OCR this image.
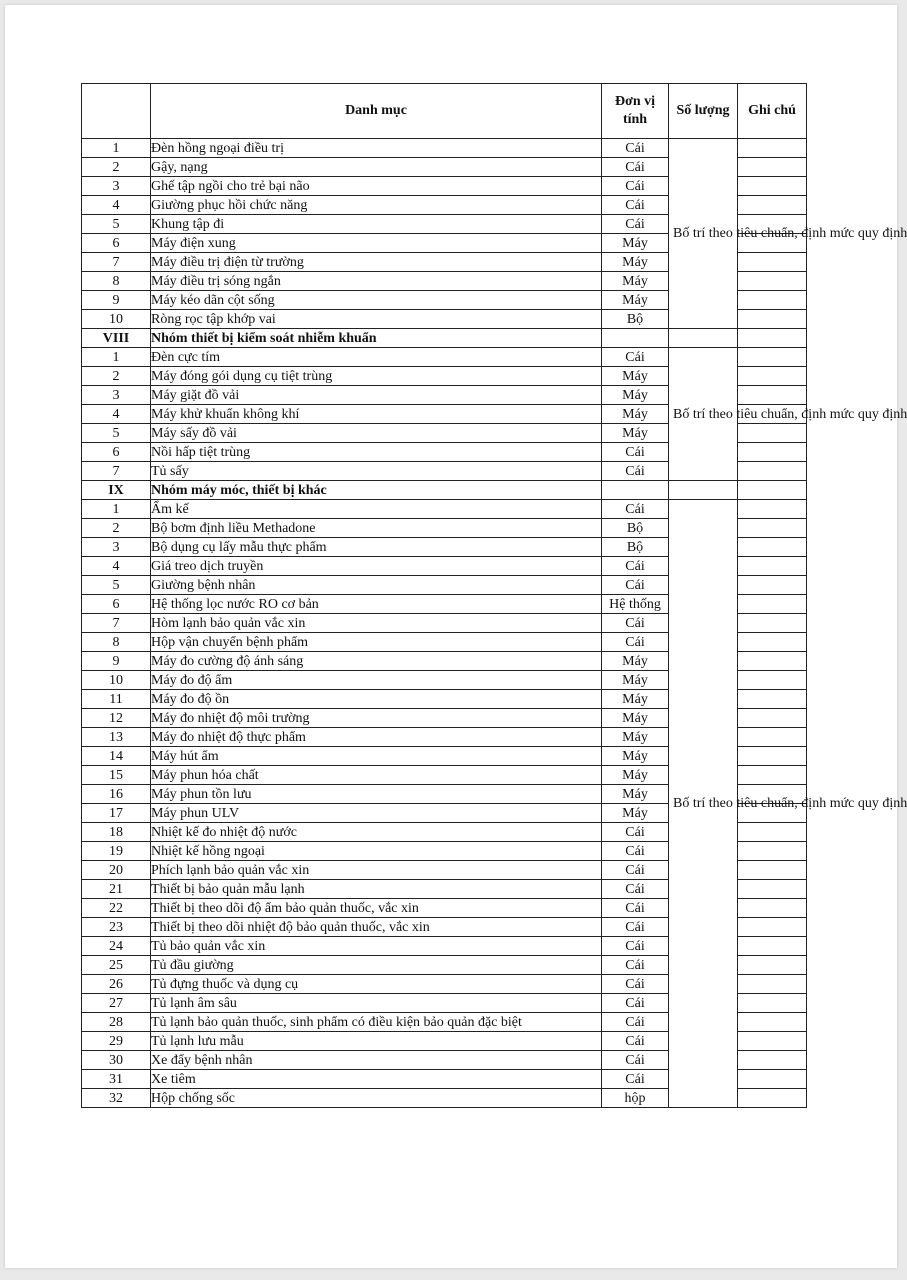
	Danh mục	Đơn vị tính	Số lượng	Ghi chú
1	Đèn hồng ngoại điều trị	Cái	Bố trí theo tiêu chuẩn, định mức quy định	
2	Gậy, nạng	Cái		
3	Ghế tập ngồi cho trẻ bại não	Cái		
4	Giường phục hồi chức năng	Cái		
5	Khung tập đi	Cái		
6	Máy điện xung	Máy		
7	Máy điều trị điện từ trường	Máy		
8	Máy điều trị sóng ngắn	Máy		
9	Máy kéo dãn cột sống	Máy		
10	Ròng rọc tập khớp vai	Bộ		
VIII	Nhóm thiết bị kiểm soát nhiễm khuẩn			
1	Đèn cực tím	Cái	Bố trí theo tiêu chuẩn, định mức quy định	
2	Máy đóng gói dụng cụ tiệt trùng	Máy		
3	Máy giặt đồ vải	Máy		
4	Máy khử khuẩn không khí	Máy		
5	Máy sấy đồ vải	Máy		
6	Nồi hấp tiệt trùng	Cái		
7	Tủ sấy	Cái		
IX	Nhóm máy móc, thiết bị khác			
1	Ẩm kế	Cái	Bố trí theo tiêu chuẩn, định mức quy định	
2	Bộ bơm định liều Methadone	Bộ		
3	Bộ dụng cụ lấy mẫu thực phẩm	Bộ		
4	Giá treo dịch truyền	Cái		
5	Giường bệnh nhân	Cái		
6	Hệ thống lọc nước RO cơ bản	Hệ thống		
7	Hòm lạnh bảo quản vắc xin	Cái		
8	Hộp vận chuyển bệnh phẩm	Cái		
9	Máy đo cường độ ánh sáng	Máy		
10	Máy đo độ ẩm	Máy		
11	Máy đo độ ồn	Máy		
12	Máy đo nhiệt độ môi trường	Máy		
13	Máy đo nhiệt độ thực phẩm	Máy		
14	Máy hút ẩm	Máy		
15	Máy phun hóa chất	Máy		
16	Máy phun tồn lưu	Máy		
17	Máy phun ULV	Máy		
18	Nhiệt kế đo nhiệt độ nước	Cái		
19	Nhiệt kế hồng ngoại	Cái		
20	Phích lạnh bảo quản vắc xin	Cái		
21	Thiết bị bảo quản mẫu lạnh	Cái		
22	Thiết bị theo dõi độ ẩm bảo quản thuốc, vắc xin	Cái		
23	Thiết bị theo dõi nhiệt độ bảo quản thuốc, vắc xin	Cái		
24	Tủ bảo quản vắc xin	Cái		
25	Tủ đầu giường	Cái		
26	Tủ đựng thuốc và dụng cụ	Cái		
27	Tủ lạnh âm sâu	Cái		
28	Tủ lạnh bảo quản thuốc, sinh phẩm có điều kiện bảo quản đặc biệt	Cái		
29	Tủ lạnh lưu mẫu	Cái		
30	Xe đẩy bệnh nhân	Cái		
31	Xe tiêm	Cái		
32	Hộp chống sốc	hộp		
